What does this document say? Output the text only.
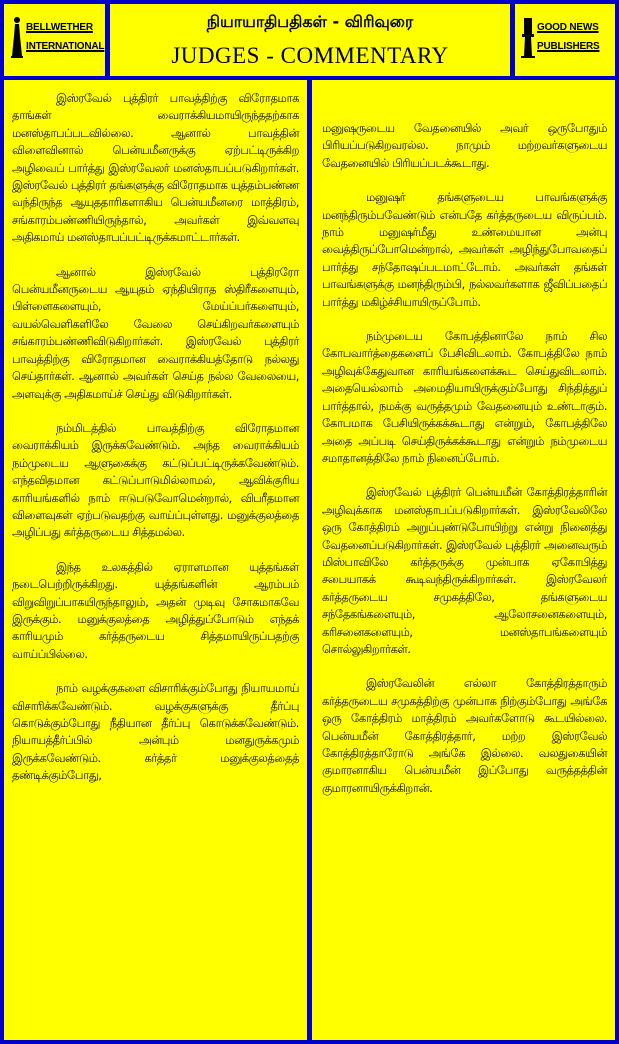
BELLWETHER
INTERNATIONAL
நியாயாதிபதிகள் - விரிவுரை
JUDGES - COMMENTARY
GOOD NEWS
PUBLISHERS

இஸ்ரவேல் புத்திரர் பாவத்திற்கு விரோதமாக தாங்கள் வைராக்கியமாயிருந்ததற்காக மனஸ்தாபப்படவில்லை. ஆனால் பாவத்தின் விளைவினால் பென்யமீனருக்கு ஏற்பட்டிருக்கிற அழிவைப் பார்த்து இஸ்ரவேலர் மனஸ்தாபப்படுகிறார்கள். இஸ்ரவேல் புத்திரர் தங்களுக்கு விரோதமாக யுத்தம்பண்ண வந்திருந்த ஆயுததாரிகளாகிய பென்யமீனரை மாத்திரம், சங்காரம்பண்ணியிருந்தால், அவர்கள் இவ்வளவு அதிகமாய் மனஸ்தாபப்பட்டிருக்கமாட்டார்கள்.

ஆனால் இஸ்ரவேல் புத்திரரோ பென்யமீனருடைய ஆயுதம் ஏந்தியிராத ஸ்திரீகளையும், பிள்ளைகளையும், மேய்ப்பர்களையும், வயல்வெளிகளிலே வேலை செய்கிறவர்களையும் சங்காரம்பண்ணிவிடுகிறார்கள். இஸ்ரவேல் புத்திரர் பாவத்திற்கு விரோதமான வைராக்கியத்தோடு நல்லது செய்தார்கள். ஆனால் அவர்கள் செய்த நல்ல வேலையை, அளவுக்கு அதிகமாய்ச் செய்து விடுகிறார்கள்.

நம்மிடத்தில் பாவத்திற்கு விரோதமான வைராக்கியம் இருக்கவேண்டும். அந்த வைராக்கியம் நம்முடைய ஆளுகைக்கு கட்டுப்பட்டிருக்கவேண்டும். எந்தவிதமான கட்டுப்பாடுமில்லாமல், ஆவிக்குரிய காரியங்களில் நாம் ஈடுபடுவோமென்றால், விபரீதமான விளைவுகள் ஏற்படுவதற்கு வாய்ப்புள்ளது. மனுக்குலத்தை அழிப்பது கர்த்தருடைய சித்தமல்ல.

இந்த உலகத்தில் ஏராளமான யுத்தங்கள் நடைபெற்றிருக்கிறது. யுத்தங்களின் ஆரம்பம் விறுவிறுப்பாகயிருந்தாலும், அதன் முடிவு சோகமாகவே இருக்கும். மனுக்குலத்தை அழித்துப்போடும் எந்தக் காரியமும் கர்த்தருடைய சித்தமாயிருப்பதற்கு வாய்ப்பில்லை.

நாம் வழக்குகளை விசாரிக்கும்போது நியாயமாய் விசாரிக்கவேண்டும். வழக்குகளுக்கு தீர்ப்பு கொடுக்கும்போது நீதியான தீர்ப்பு கொடுக்கவேண்டும். நியாயத்தீர்ப்பில் அன்பும் மனதுருக்கமும் இருக்கவேண்டும். கர்த்தர் மனுக்குலத்தைத் தண்டிக்கும்போது,

மனுஷருடைய வேதனையில் அவர் ஒருபோதும் பிரியப்படுகிறவரல்ல. நாமும் மற்றவர்களுடைய வேதனையில் பிரியப்படக்கூடாது.

மனுஷர் தங்களுடைய பாவங்களுக்கு மனந்திரும்பவேண்டும் என்பதே கர்த்தருடைய விருப்பம். நாம் மனுஷர்மீது உண்மையான அன்பு வைத்திருப்போமென்றால், அவர்கள் அழிந்துபோவதைப் பார்த்து சந்தோஷப்படமாட்டோம். அவர்கள் தங்கள் பாவங்களுக்கு மனந்திரும்பி, நல்லவர்களாக ஜீவிப்பதைப் பார்த்து மகிழ்ச்சியாயிருப்போம்.

நம்முடைய கோபத்தினாலே நாம் சில கோபவார்த்தைகளைப் பேசிவிடலாம். கோபத்திலே நாம் அழிவுக்கேதுவான காரியங்களைக்கூட செய்துவிடலாம். அதையெல்லாம் அமைதியாயிருக்கும்போது சிந்தித்துப் பார்த்தால், நமக்கு வருத்தமும் வேதனையும் உண்டாகும். கோபமாக பேசியிருக்கக்கூடாது என்றும், கோபத்திலே அதை அப்படி செய்திருக்கக்கூடாது என்றும் நம்முடைய சமாதானத்திலே நாம் நினைப்போம்.

இஸ்ரவேல் புத்திரர் பென்யமீன் கோத்திரத்தாரின் அழிவுக்காக மனஸ்தாபப்படுகிறார்கள். இஸ்ரவேலிலே ஒரு கோத்திரம் அறுப்புண்டுபோயிற்று என்று நினைத்து வேதனைப்படுகிறார்கள். இஸ்ரவேல் புத்திரர் அனைவரும் மிஸ்பாவிலே கர்த்தருக்கு முன்பாக ஏகோபித்து சபையாகக் கூடிவந்திருக்கிறார்கள். இஸ்ரவேலர் கர்த்தருடைய சமுகத்திலே, தங்களுடைய சந்தேகங்களையும், ஆலோசனைகளையும், கரிசனைகளையும், மனஸ்தாபங்களையும் சொல்லுகிறார்கள்.

இஸ்ரவேலின் எல்லா கோத்திரத்தாரும் கர்த்தருடைய சமுகத்திற்கு முன்பாக நிற்கும்போது அங்கே ஒரு கோத்திரம் மாத்திரம் அவர்களோடு கூடயில்லை. பென்யமீன் கோத்திரத்தார், மற்ற இஸ்ரவேல் கோத்திரத்தாரோடு அங்கே இல்லை. வலதுகையின் குமாரனாகிய பென்யமீன் இப்போது வருத்தத்தின் குமாரனாயிருக்கிறான்.
